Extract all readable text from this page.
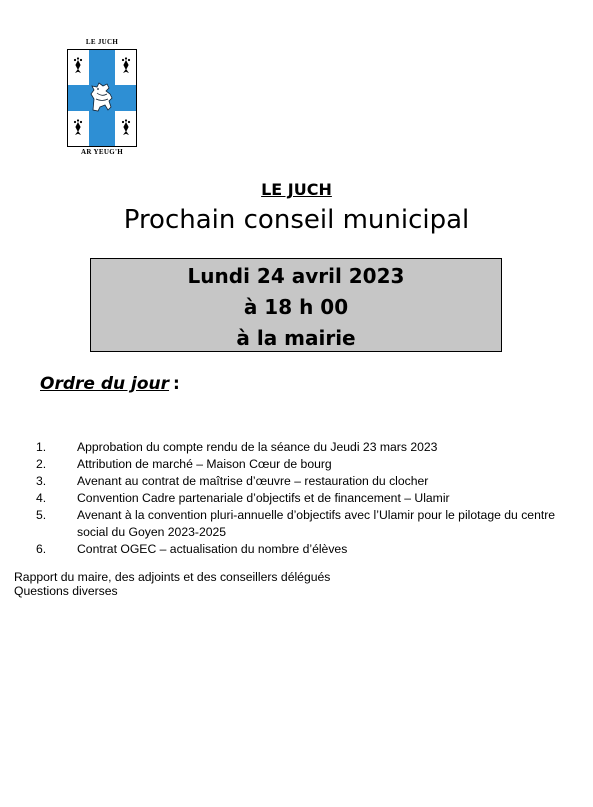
LE JUCH
AR YEUG'H
LE JUCH
Prochain conseil municipal
Lundi 24 avril 2023
à 18 h 00
à la mairie
Ordre du jour :
1.	Approbation du compte rendu de la séance du Jeudi 23 mars 2023
2.	Attribution de marché – Maison Cœur de bourg
3.	Avenant au contrat de maîtrise d’œuvre – restauration du clocher
4.	Convention Cadre partenariale d’objectifs et de financement – Ulamir
5.	Avenant à la convention pluri-annuelle d’objectifs avec l’Ulamir pour le pilotage du centre social du Goyen 2023-2025
6.	Contrat OGEC – actualisation du nombre d’élèves
Rapport du maire, des adjoints et des conseillers délégués
Questions diverses
